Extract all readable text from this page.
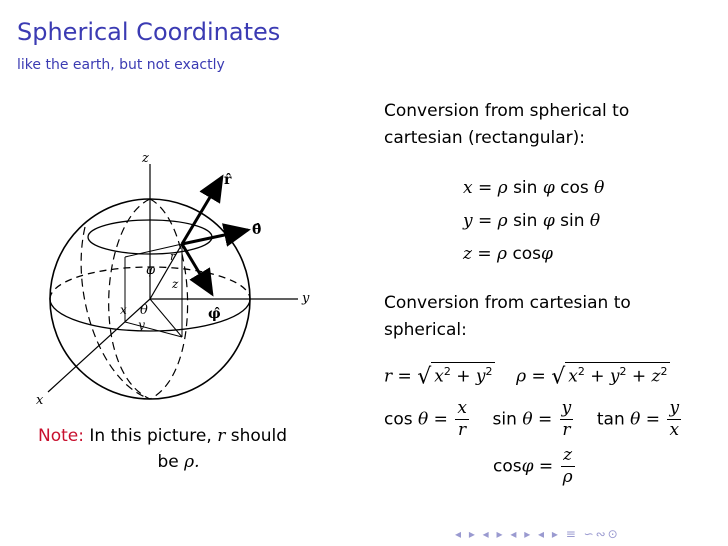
Spherical Coordinates
like the earth, but not exactly
z
y
x
r̂
θ̂
φ̂
φ
θ
z
y
x
r
Note: In this picture, r should
be ρ.
Conversion from spherical to cartesian (rectangular):
x = ρ sin φ cos θ
y = ρ sin φ sin θ
z = ρ cosφ
Conversion from cartesian to spherical:
r = √ $x^2 + y^2$ ρ = √ $x^2 + y^2 + z^2$
$\cos \theta = \frac{x}{r}$ $\sin \theta = \frac{y}{r}$ $\tan \theta = \frac{y}{x}$
$\cos\varphi = \frac{z}{\rho}$
◂ ▸ ◂ ▸ ◂ ▸ ◂ ▸ ≡ ∽∾⊙
